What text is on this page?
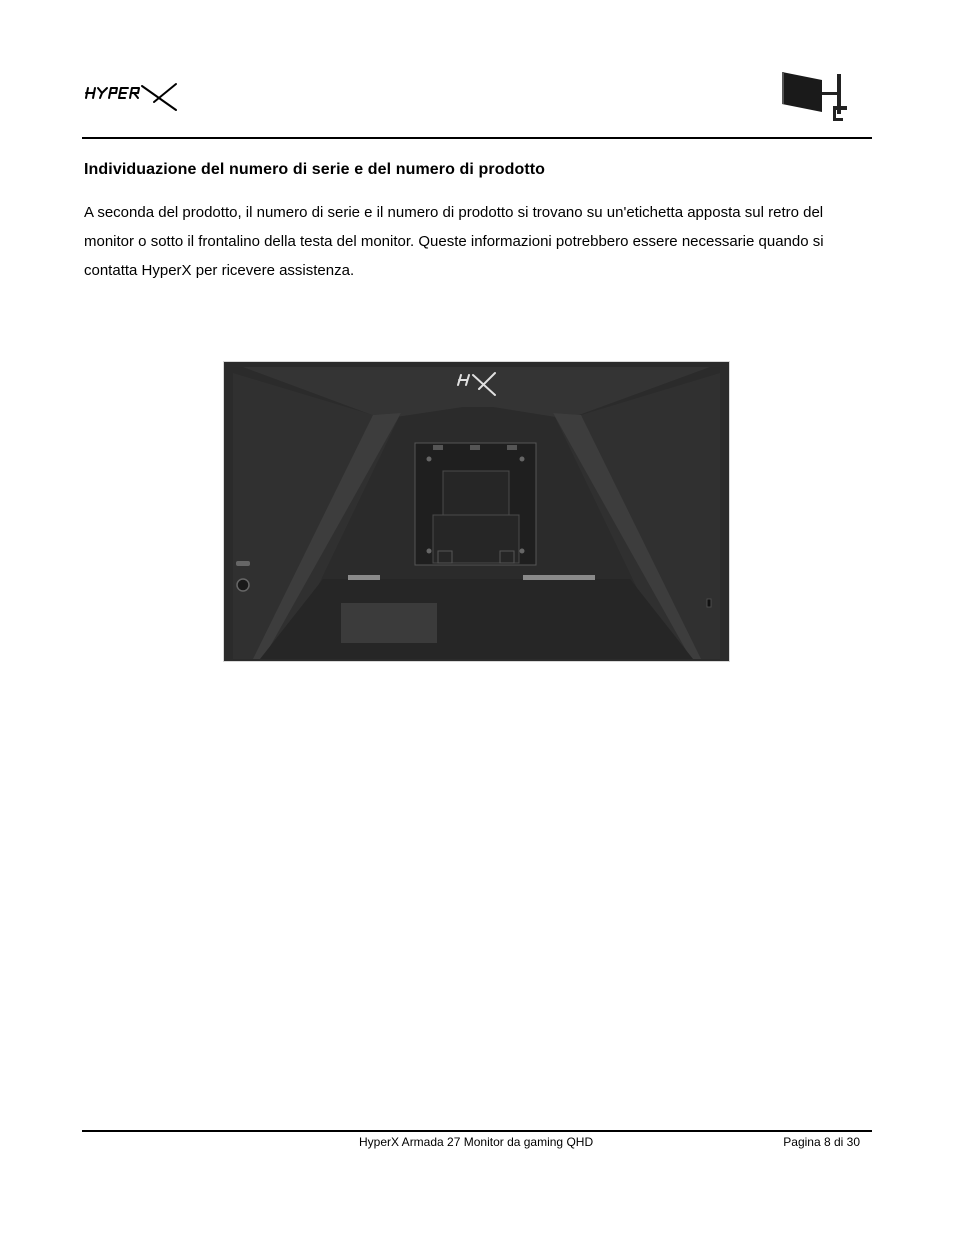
Individuazione del numero di serie e del numero di prodotto

A seconda del prodotto, il numero di serie e il numero di prodotto si trovano su un'etichetta apposta sul retro del monitor o sotto il frontalino della testa del monitor. Queste informazioni potrebbero essere necessarie quando si contatta HyperX per ricevere assistenza.

HyperX Armada 27 Monitor da gaming QHD	Pagina 8 di 30
